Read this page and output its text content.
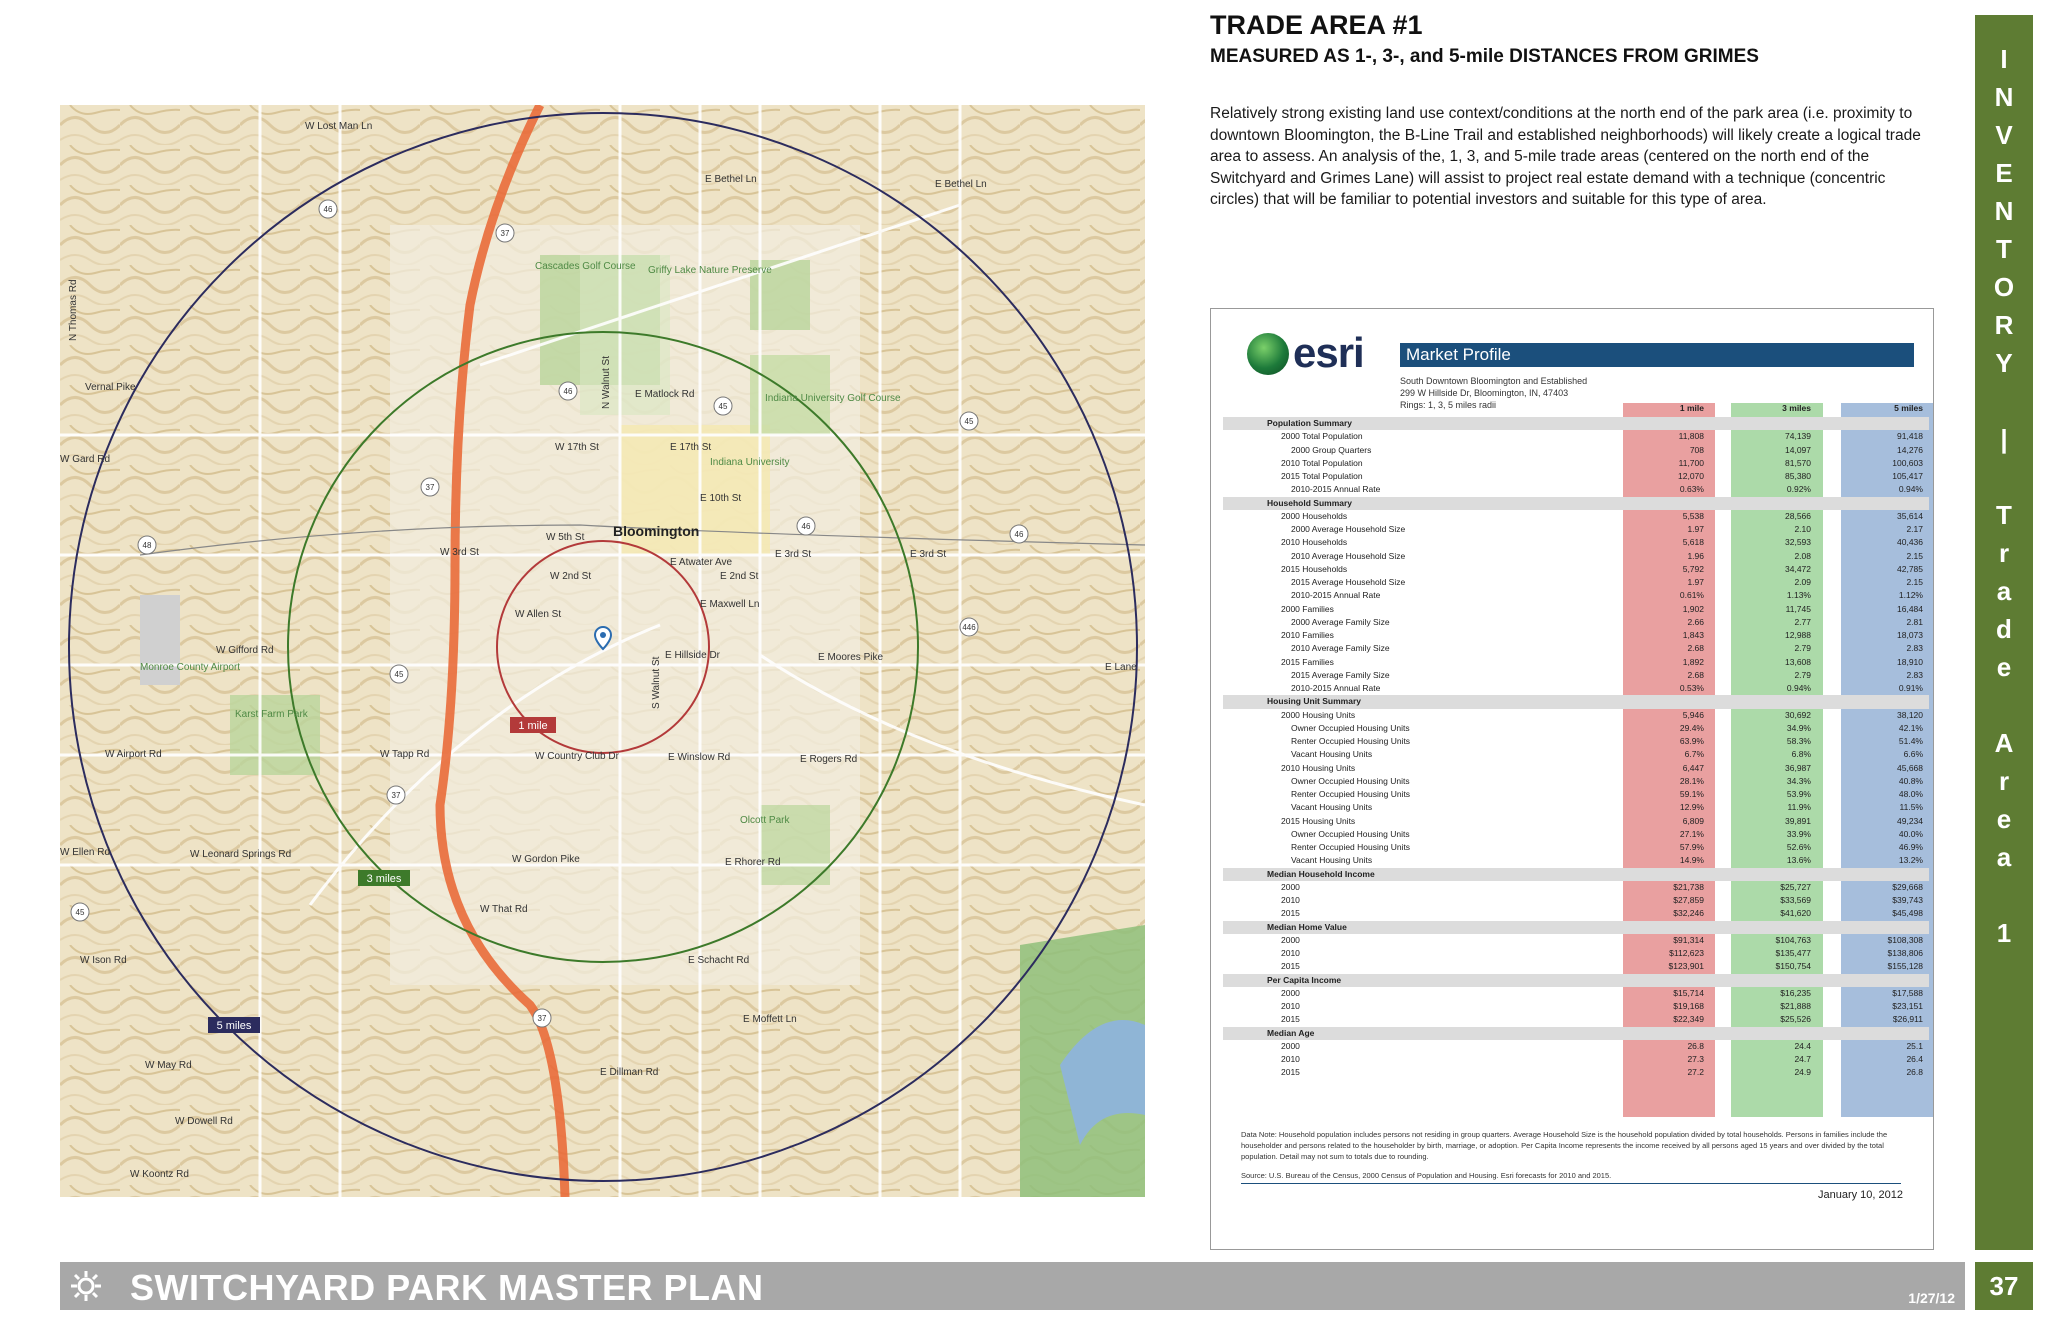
1 mile
3 miles
5 miles
37
37
37
37
45
45
45
45
46
46
46
46
48
446
W Lost Man Ln
E Bethel Ln	E Bethel Ln
Cascades Golf Course Griffy Lake Nature Preserve
E Matlock Rd	Indiana University Golf Course
W 17th St	E 17th St
Indiana University
E 10th St
Bloomington
W 5th St
W 3rd St	E 3rd St	E 3rd St
W 2nd St
E Atwater Ave
E 2nd St
E Maxwell Ln
W Allen St
E Hillside Dr	E Moores Pike
W Gifford Rd
Monroe County Airport
Karst Farm Park
W Airport Rd	W Tapp Rd	W Country Club Dr	E Winslow Rd	E Rogers Rd
Olcott Park
W Ellen Rd	W Leonard Springs Rd	W Gordon Pike	E Rhorer Rd
W That Rd
E Schacht Rd
W Ison Rd
E Moffett Ln
W May Rd
E Dillman Rd
W Dowell Rd
W Koontz Rd
Vernal Pike
W Gard Rd
E Lane
N Thomas Rd
N Walnut St
S Walnut St
TRADE AREA #1
MEASURED AS 1-, 3-, and 5-mile DISTANCES FROM GRIMES

Relatively strong existing land use context/conditions at the north end of the park area (i.e. proximity to downtown Bloomington, the B-Line Trail and established neighborhoods) will likely create a logical trade area to assess. An analysis of the, 1, 3, and 5-mile trade areas (centered on the north end of the Switchyard and Grimes Lane) will assist to project real estate demand with a technique (concentric circles) that will be familiar to potential investors and suitable for this type of area.

esri	Market Profile
South Downtown Bloomington and Established
299 W Hillside Dr, Bloomington, IN, 47403
Rings: 1, 3, 5 miles radii	1 mile	3 miles	5 miles
Population Summary
2000 Total Population	11,808	74,139	91,418
2000 Group Quarters	708	14,097	14,276
2010 Total Population	11,700	81,570	100,603
2015 Total Population	12,070	85,380	105,417
2010-2015 Annual Rate	0.63%	0.92%	0.94%
Household Summary
2000 Households	5,538	28,566	35,614
2000 Average Household Size	1.97	2.10	2.17
2010 Households	5,618	32,593	40,436
2010 Average Household Size	1.96	2.08	2.15
2015 Households	5,792	34,472	42,785
2015 Average Household Size	1.97	2.09	2.15
2010-2015 Annual Rate	0.61%	1.13%	1.12%
2000 Families	1,902	11,745	16,484
2000 Average Family Size	2.66	2.77	2.81
2010 Families	1,843	12,988	18,073
2010 Average Family Size	2.68	2.79	2.83
2015 Families	1,892	13,608	18,910
2015 Average Family Size	2.68	2.79	2.83
2010-2015 Annual Rate	0.53%	0.94%	0.91%
Housing Unit Summary
2000 Housing Units	5,946	30,692	38,120
Owner Occupied Housing Units	29.4%	34.9%	42.1%
Renter Occupied Housing Units	63.9%	58.3%	51.4%
Vacant Housing Units	6.7%	6.8%	6.6%
2010 Housing Units	6,447	36,987	45,668
Owner Occupied Housing Units	28.1%	34.3%	40.8%
Renter Occupied Housing Units	59.1%	53.9%	48.0%
Vacant Housing Units	12.9%	11.9%	11.5%
2015 Housing Units	6,809	39,891	49,234
Owner Occupied Housing Units	27.1%	33.9%	40.0%
Renter Occupied Housing Units	57.9%	52.6%	46.9%
Vacant Housing Units	14.9%	13.6%	13.2%
Median Household Income
2000	$21,738	$25,727	$29,668
2010	$27,859	$33,569	$39,743
2015	$32,246	$41,620	$45,498
Median Home Value
2000	$91,314	$104,763	$108,308
2010	$112,623	$135,477	$138,806
2015	$123,901	$150,754	$155,128
Per Capita Income
2000	$15,714	$16,235	$17,588
2010	$19,168	$21,888	$23,151
2015	$22,349	$25,526	$26,911
Median Age
2000	26.8	24.4	25.1
2010	27.3	24.7	26.4
2015	27.2	24.9	26.8
Data Note: Household population includes persons not residing in group quarters. Average Household Size is the household population divided by total households. Persons in families include the householder and persons related to the householder by birth, marriage, or adoption. Per Capita Income represents the income received by all persons aged 15 years and over divided by the total population. Detail may not sum to totals due to rounding.
Source: U.S. Bureau of the Census, 2000 Census of Population and Housing. Esri forecasts for 2010 and 2015.
January 10, 2012
I
N
V
E
N
T
O
R
Y
|
T
r
a
d
e
A
r
e
a
1
SWITCHYARD PARK MASTER PLAN	1/27/12	37
